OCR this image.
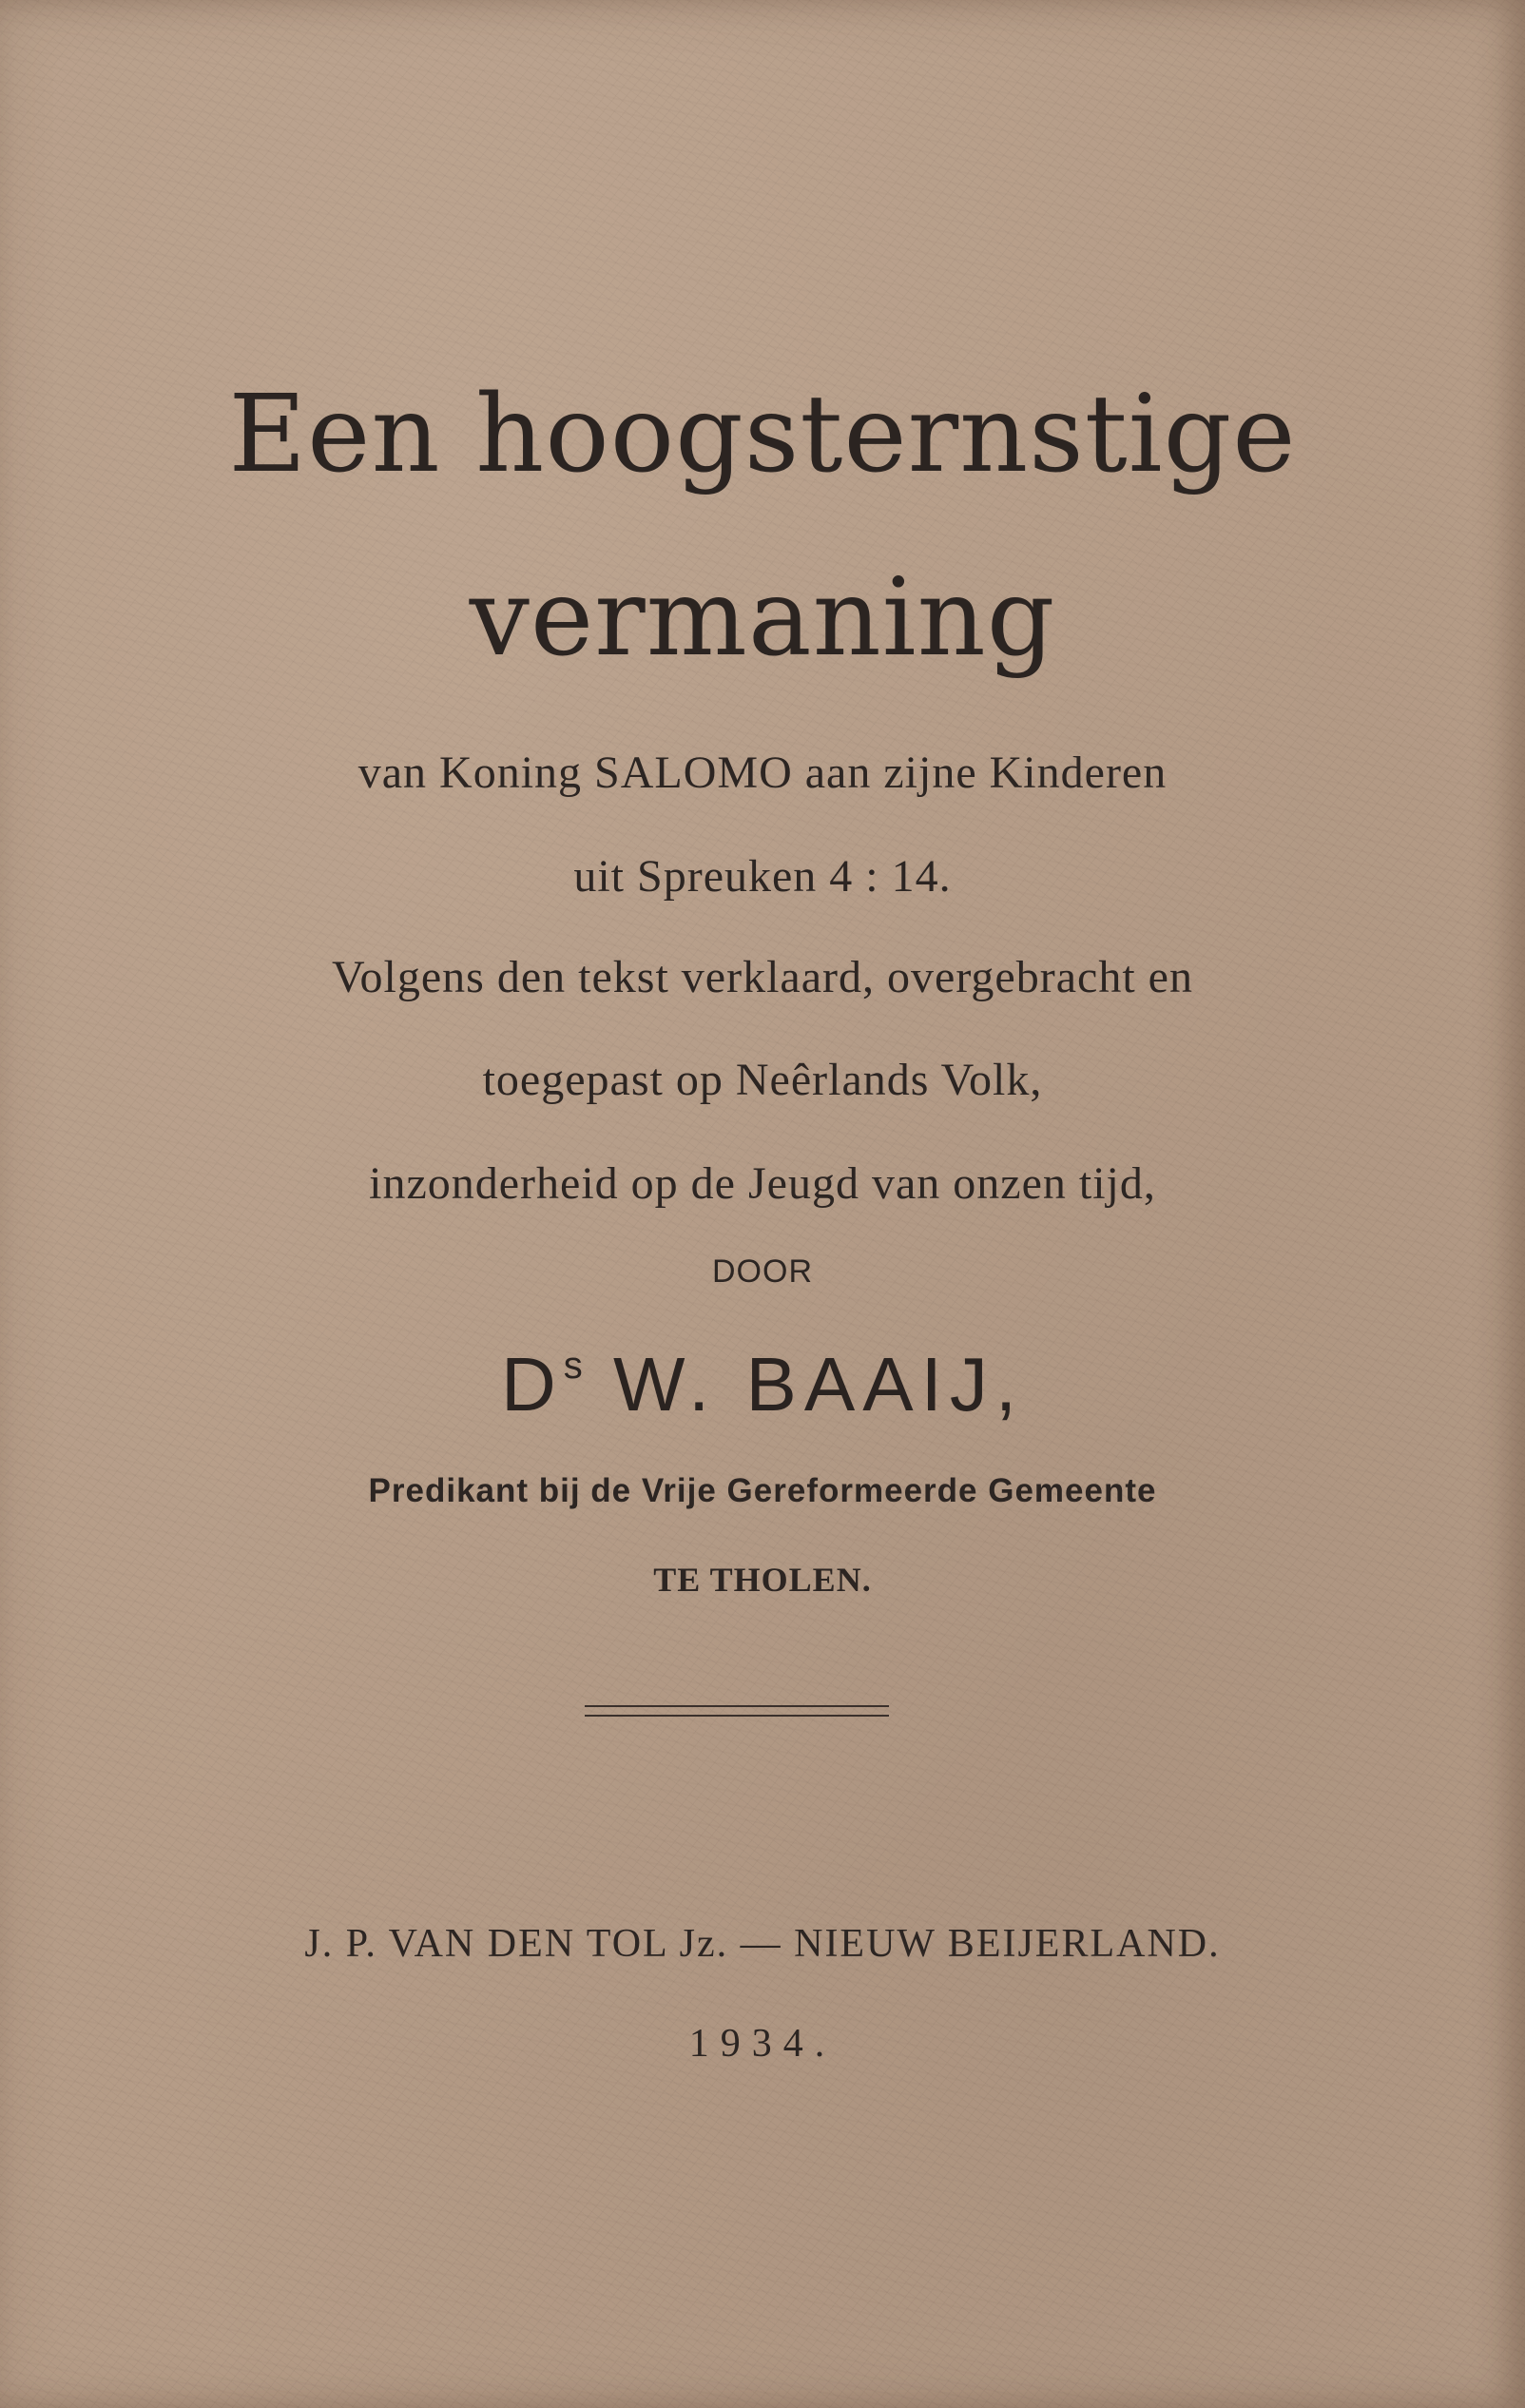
Een hoogsternstige
vermaning
van Koning SALOMO aan zijne Kinderen
uit Spreuken 4 : 14.
Volgens den tekst verklaard, overgebracht en
toegepast op Neêrlands Volk,
inzonderheid op de Jeugd van onzen tijd,
DOOR
$D^s$ W. BAAIJ,
Predikant bij de Vrije Gereformeerde Gemeente
TE THOLEN.
J. P. VAN DEN TOL Jz. — NIEUW BEIJERLAND.
1934.
